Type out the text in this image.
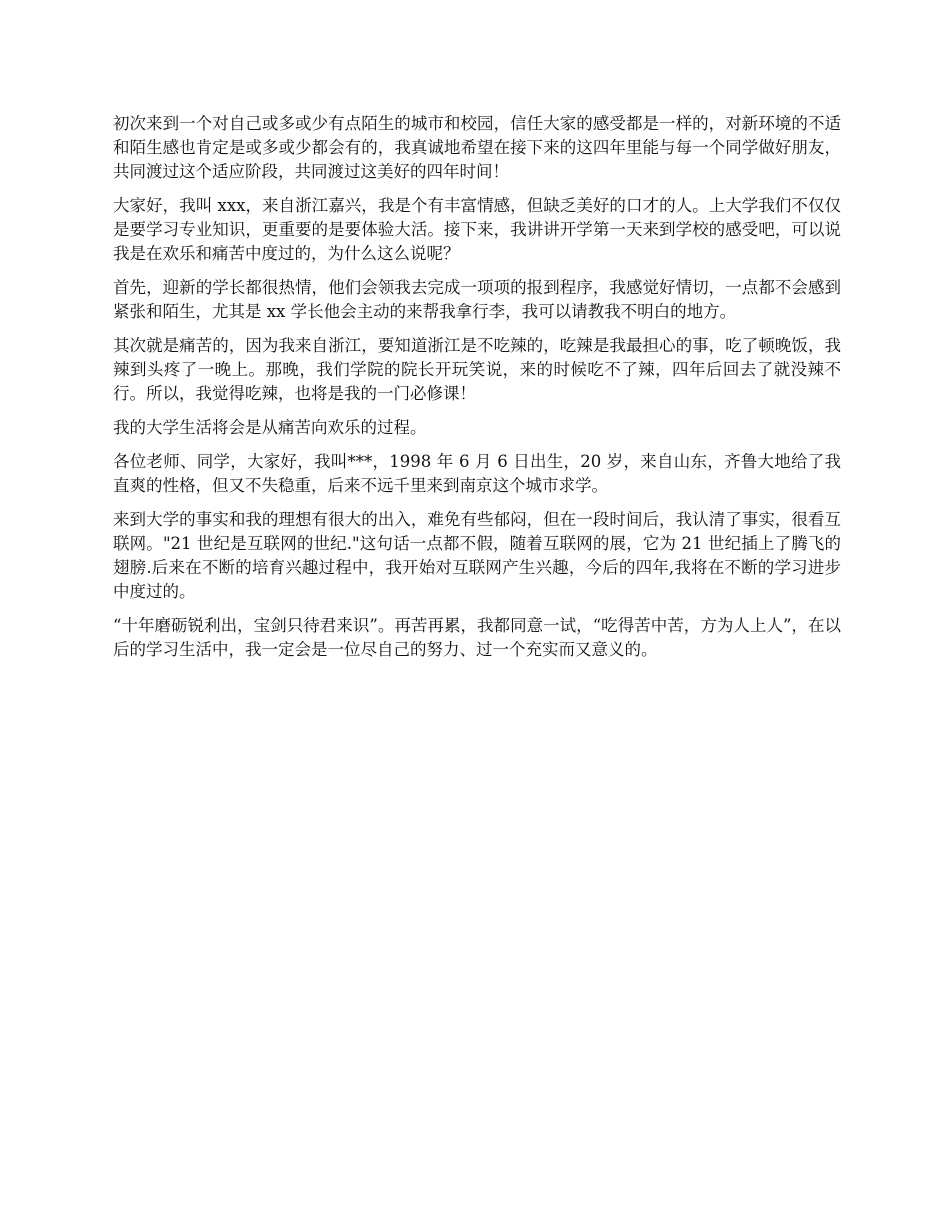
初次来到一个对自己或多或少有点陌生的城市和校园，信任大家的感受都是一样的，对新环境的不适和陌生感也肯定是或多或少都会有的，我真诚地希望在接下来的这四年里能与每一个同学做好朋友，共同渡过这个适应阶段，共同渡过这美好的四年时间！

大家好，我叫 xxx，来自浙江嘉兴，我是个有丰富情感，但缺乏美好的口才的人。上大学我们不仅仅是要学习专业知识，更重要的是要体验大活。接下来，我讲讲开学第一天来到学校的感受吧，可以说我是在欢乐和痛苦中度过的，为什么这么说呢？

首先，迎新的学长都很热情，他们会领我去完成一项项的报到程序，我感觉好情切，一点都不会感到紧张和陌生，尤其是 xx 学长他会主动的来帮我拿行李，我可以请教我不明白的地方。

其次就是痛苦的，因为我来自浙江，要知道浙江是不吃辣的，吃辣是我最担心的事，吃了顿晚饭，我辣到头疼了一晚上。那晚，我们学院的院长开玩笑说，来的时候吃不了辣，四年后回去了就没辣不行。所以，我觉得吃辣，也将是我的一门必修课！

我的大学生活将会是从痛苦向欢乐的过程。

各位老师、同学，大家好，我叫***，1998 年 6 月 6 日出生，20 岁，来自山东，齐鲁大地给了我直爽的性格，但又不失稳重，后来不远千里来到南京这个城市求学。

来到大学的事实和我的理想有很大的出入，难免有些郁闷，但在一段时间后，我认清了事实，很看互联网。"21 世纪是互联网的世纪."这句话一点都不假，随着互联网的展，它为 21 世纪插上了腾飞的翅膀.后来在不断的培育兴趣过程中，我开始对互联网产生兴趣，今后的四年,我将在不断的学习进步中度过的。

“十年磨砺锐利出，宝剑只待君来识”。再苦再累，我都同意一试，“吃得苦中苦，方为人上人”，在以后的学习生活中，我一定会是一位尽自己的努力、过一个充实而又意义的。
